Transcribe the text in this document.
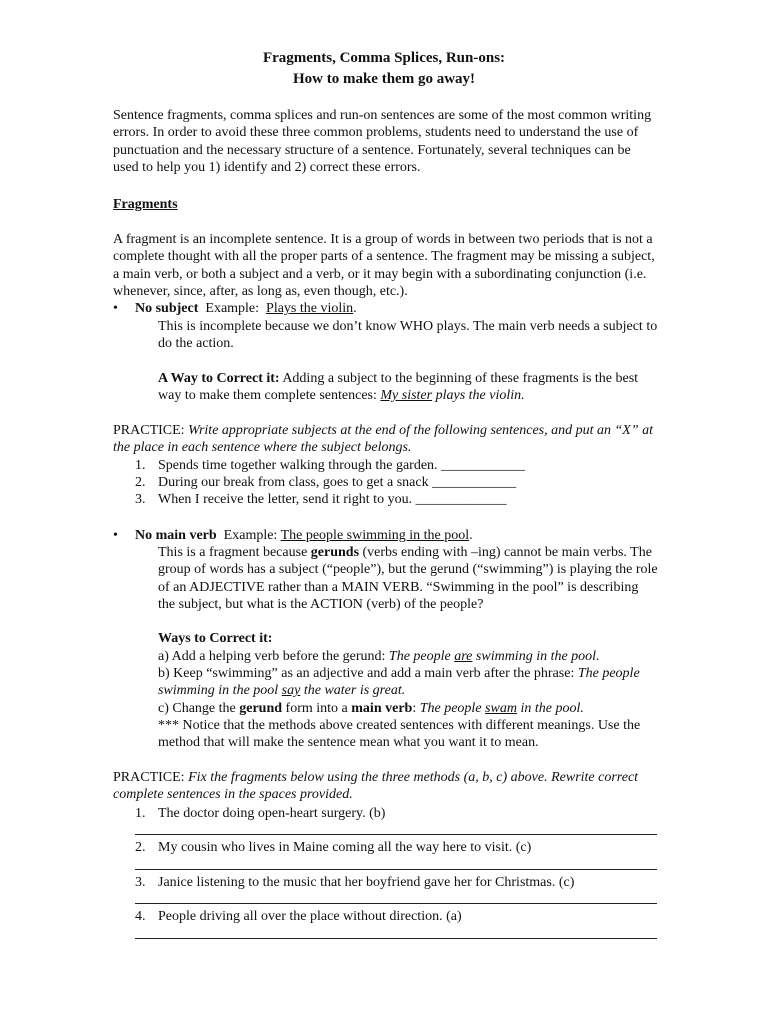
Fragments, Comma Splices, Run-ons:
How to make them go away!

Sentence fragments, comma splices and run-on sentences are some of the most common writing errors. In order to avoid these three common problems, students need to understand the use of punctuation and the necessary structure of a sentence. Fortunately, several techniques can be used to help you 1) identify and 2) correct these errors.

Fragments

A fragment is an incomplete sentence. It is a group of words in between two periods that is not a complete thought with all the proper parts of a sentence. The fragment may be missing a subject, a main verb, or both a subject and a verb, or it may begin with a subordinating conjunction (i.e. whenever, since, after, as long as, even though, etc.).

•	No subject Example: Plays the violin.

This is incomplete because we don’t know WHO plays. The main verb needs a subject to do the action.

A Way to Correct it: Adding a subject to the beginning of these fragments is the best way to make them complete sentences: My sister plays the violin.

PRACTICE: Write appropriate subjects at the end of the following sentences, and put an “X” at the place in each sentence where the subject belongs.

1. Spends time together walking through the garden. ____________
2. During our break from class, goes to get a snack ____________
3. When I receive the letter, send it right to you. _____________
•	No main verb Example: The people swimming in the pool.

This is a fragment because gerunds (verbs ending with –ing) cannot be main verbs. The group of words has a subject (“people”), but the gerund (“swimming”) is playing the role of an ADJECTIVE rather than a MAIN VERB. “Swimming in the pool” is describing the subject, but what is the ACTION (verb) of the people?

Ways to Correct it:
a) Add a helping verb before the gerund: The people are swimming in the pool.

b) Keep “swimming” as an adjective and add a main verb after the phrase: The people swimming in the pool say the water is great.

c) Change the gerund form into a main verb: The people swam in the pool.

*** Notice that the methods above created sentences with different meanings. Use the method that will make the sentence mean what you want it to mean.

PRACTICE: Fix the fragments below using the three methods (a, b, c) above. Rewrite correct complete sentences in the spaces provided.

1. The doctor doing open-heart surgery. (b)
2. My cousin who lives in Maine coming all the way here to visit. (c)
3. Janice listening to the music that her boyfriend gave her for Christmas. (c)
4. People driving all over the place without direction. (a)
